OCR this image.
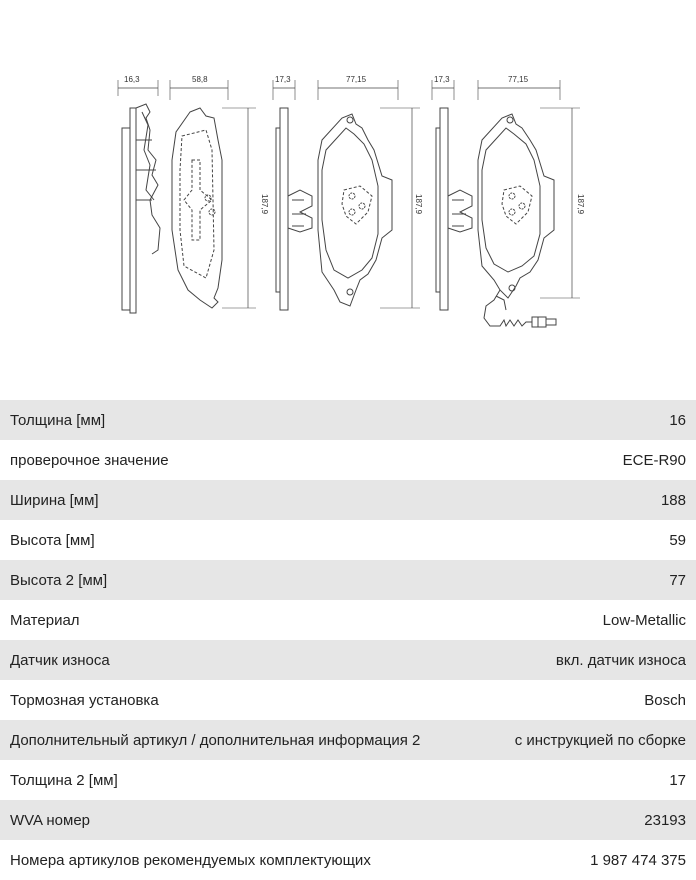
16,3	58,8
187,9
17,3	77,15
187,9
17,3	77,15
187,9
Толщина [мм]	16
проверочное значение	ECE-R90
Ширина [мм]	188
Высота [мм]	59
Высота 2 [мм]	77
Материал	Low-Metallic
Датчик износа	вкл. датчик износа
Тормозная установка	Bosch
Дополнительный артикул / дополнительная информация 2	с инструкцией по сборке
Толщина 2 [мм]	17
WVA номер	23193
Номера артикулов рекомендуемых комплектующих	1 987 474 375
